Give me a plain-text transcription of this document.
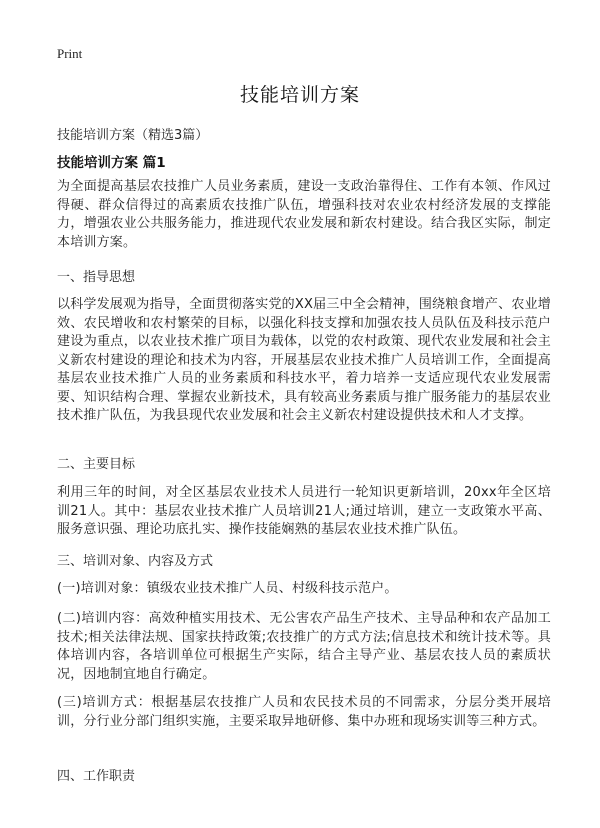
Print
技能培训方案
技能培训方案（精选3篇）
技能培训方案 篇1
为全面提高基层农技推广人员业务素质，建设一支政治靠得住、工作有本领、作风过得硬、群众信得过的高素质农技推广队伍，增强科技对农业农村经济发展的支撑能力，增强农业公共服务能力，推进现代农业发展和新农村建设。结合我区实际，制定本培训方案。
一、指导思想
以科学发展观为指导，全面贯彻落实党的XX届三中全会精神，围绕粮食增产、农业增效、农民增收和农村繁荣的目标，以强化科技支撑和加强农技人员队伍及科技示范户建设为重点，以农业技术推广项目为载体，以党的农村政策、现代农业发展和社会主义新农村建设的理论和技术为内容，开展基层农业技术推广人员培训工作，全面提高基层农业技术推广人员的业务素质和科技水平，着力培养一支适应现代农业发展需要、知识结构合理、掌握农业新技术，具有较高业务素质与推广服务能力的基层农业技术推广队伍，为我县现代农业发展和社会主义新农村建设提供技术和人才支撑。
二、主要目标
利用三年的时间，对全区基层农业技术人员进行一轮知识更新培训，20xx年全区培训21人。其中：基层农业技术推广人员培训21人;通过培训，建立一支政策水平高、服务意识强、理论功底扎实、操作技能娴熟的基层农业技术推广队伍。
三、培训对象、内容及方式
(一)培训对象：镇级农业技术推广人员、村级科技示范户。
(二)培训内容：高效种植实用技术、无公害农产品生产技术、主导品种和农产品加工技术;相关法律法规、国家扶持政策;农技推广的方式方法;信息技术和统计技术等。具体培训内容，各培训单位可根据生产实际，结合主导产业、基层农技人员的素质状况，因地制宜地自行确定。
(三)培训方式：根据基层农技推广人员和农民技术员的不同需求，分层分类开展培训，分行业分部门组织实施，主要采取异地研修、集中办班和现场实训等三种方式。
四、工作职责
